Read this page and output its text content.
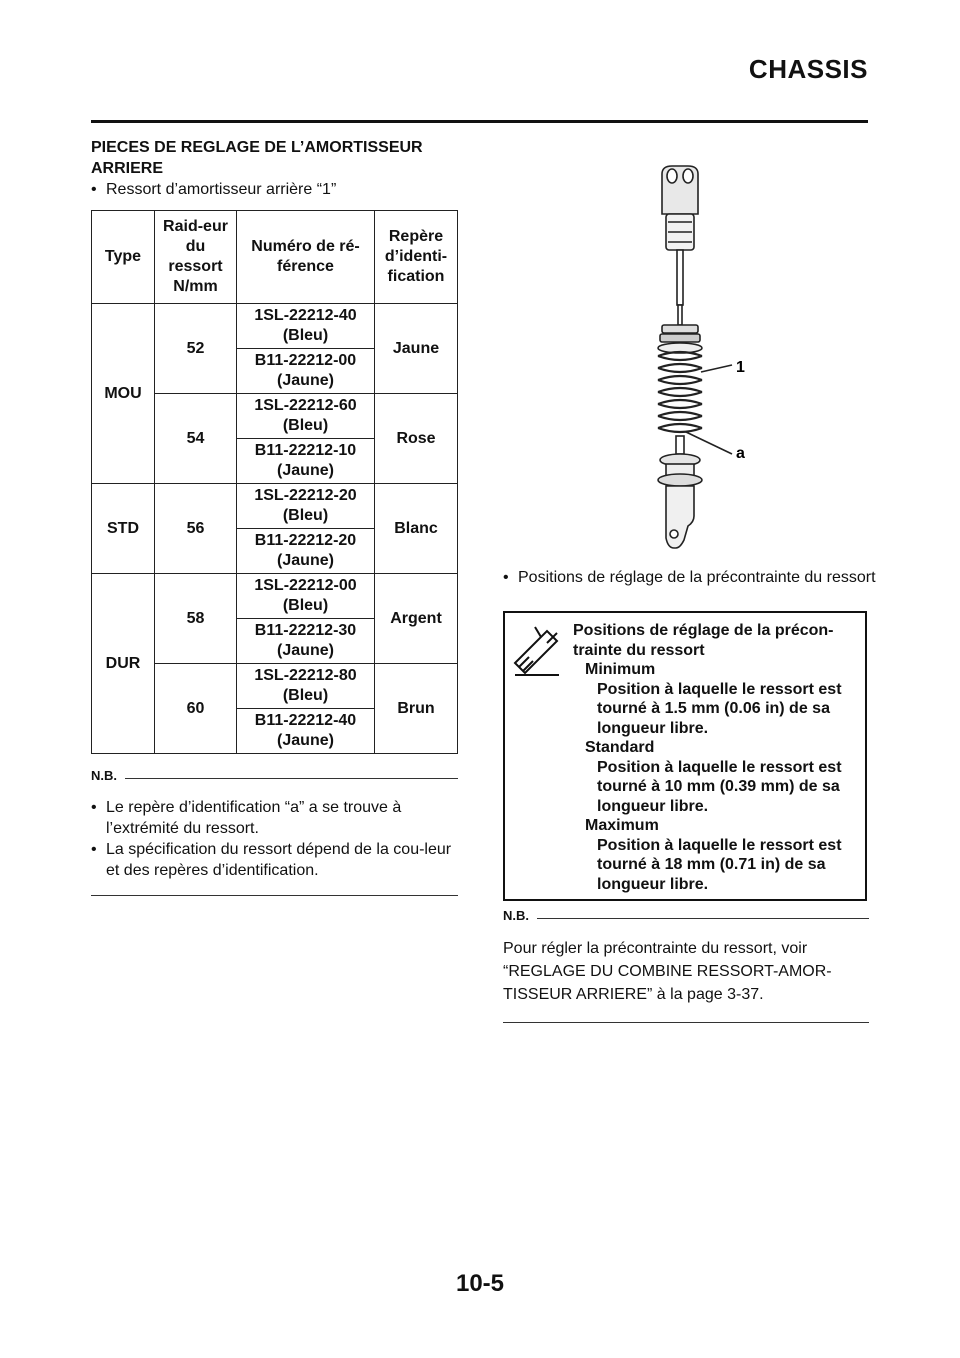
CHASSIS

PIECES DE REGLAGE DE L’AMORTISSEUR ARRIERE

• Ressort d’amortisseur arrière “1”

Type	Raid-eur du ressort N/mm	Numéro de ré-férence	Repère d’identi-fication
MOU	52	1SL-22212-40 (Bleu)	Jaune
		B11-22212-00 (Jaune)	
	54	1SL-22212-60 (Bleu)	Rose
		B11-22212-10 (Jaune)	
STD	56	1SL-22212-20 (Bleu)	Blanc
		B11-22212-20 (Jaune)	
DUR	58	1SL-22212-00 (Bleu)	Argent
		B11-22212-30 (Jaune)	
	60	1SL-22212-80 (Bleu)	Brun
		B11-22212-40 (Jaune)	

N.B.

• Le repère d’identification “a” a se trouve à l’extrémité du ressort.

• La spécification du ressort dépend de la cou-leur et des repères d’identification.

1
a

• Positions de réglage de la précontrainte du ressort

Positions de réglage de la précon-trainte du ressort
Minimum
Position à laquelle le ressort est tourné à 1.5 mm (0.06 in) de sa longueur libre.
Standard
Position à laquelle le ressort est tourné à 10 mm (0.39 mm) de sa longueur libre.
Maximum
Position à laquelle le ressort est tourné à 18 mm (0.71 in) de sa longueur libre.

N.B.

Pour régler la précontrainte du ressort, voir “REGLAGE DU COMBINE RESSORT-AMOR-TISSEUR ARRIERE” à la page 3-37.

10-5
